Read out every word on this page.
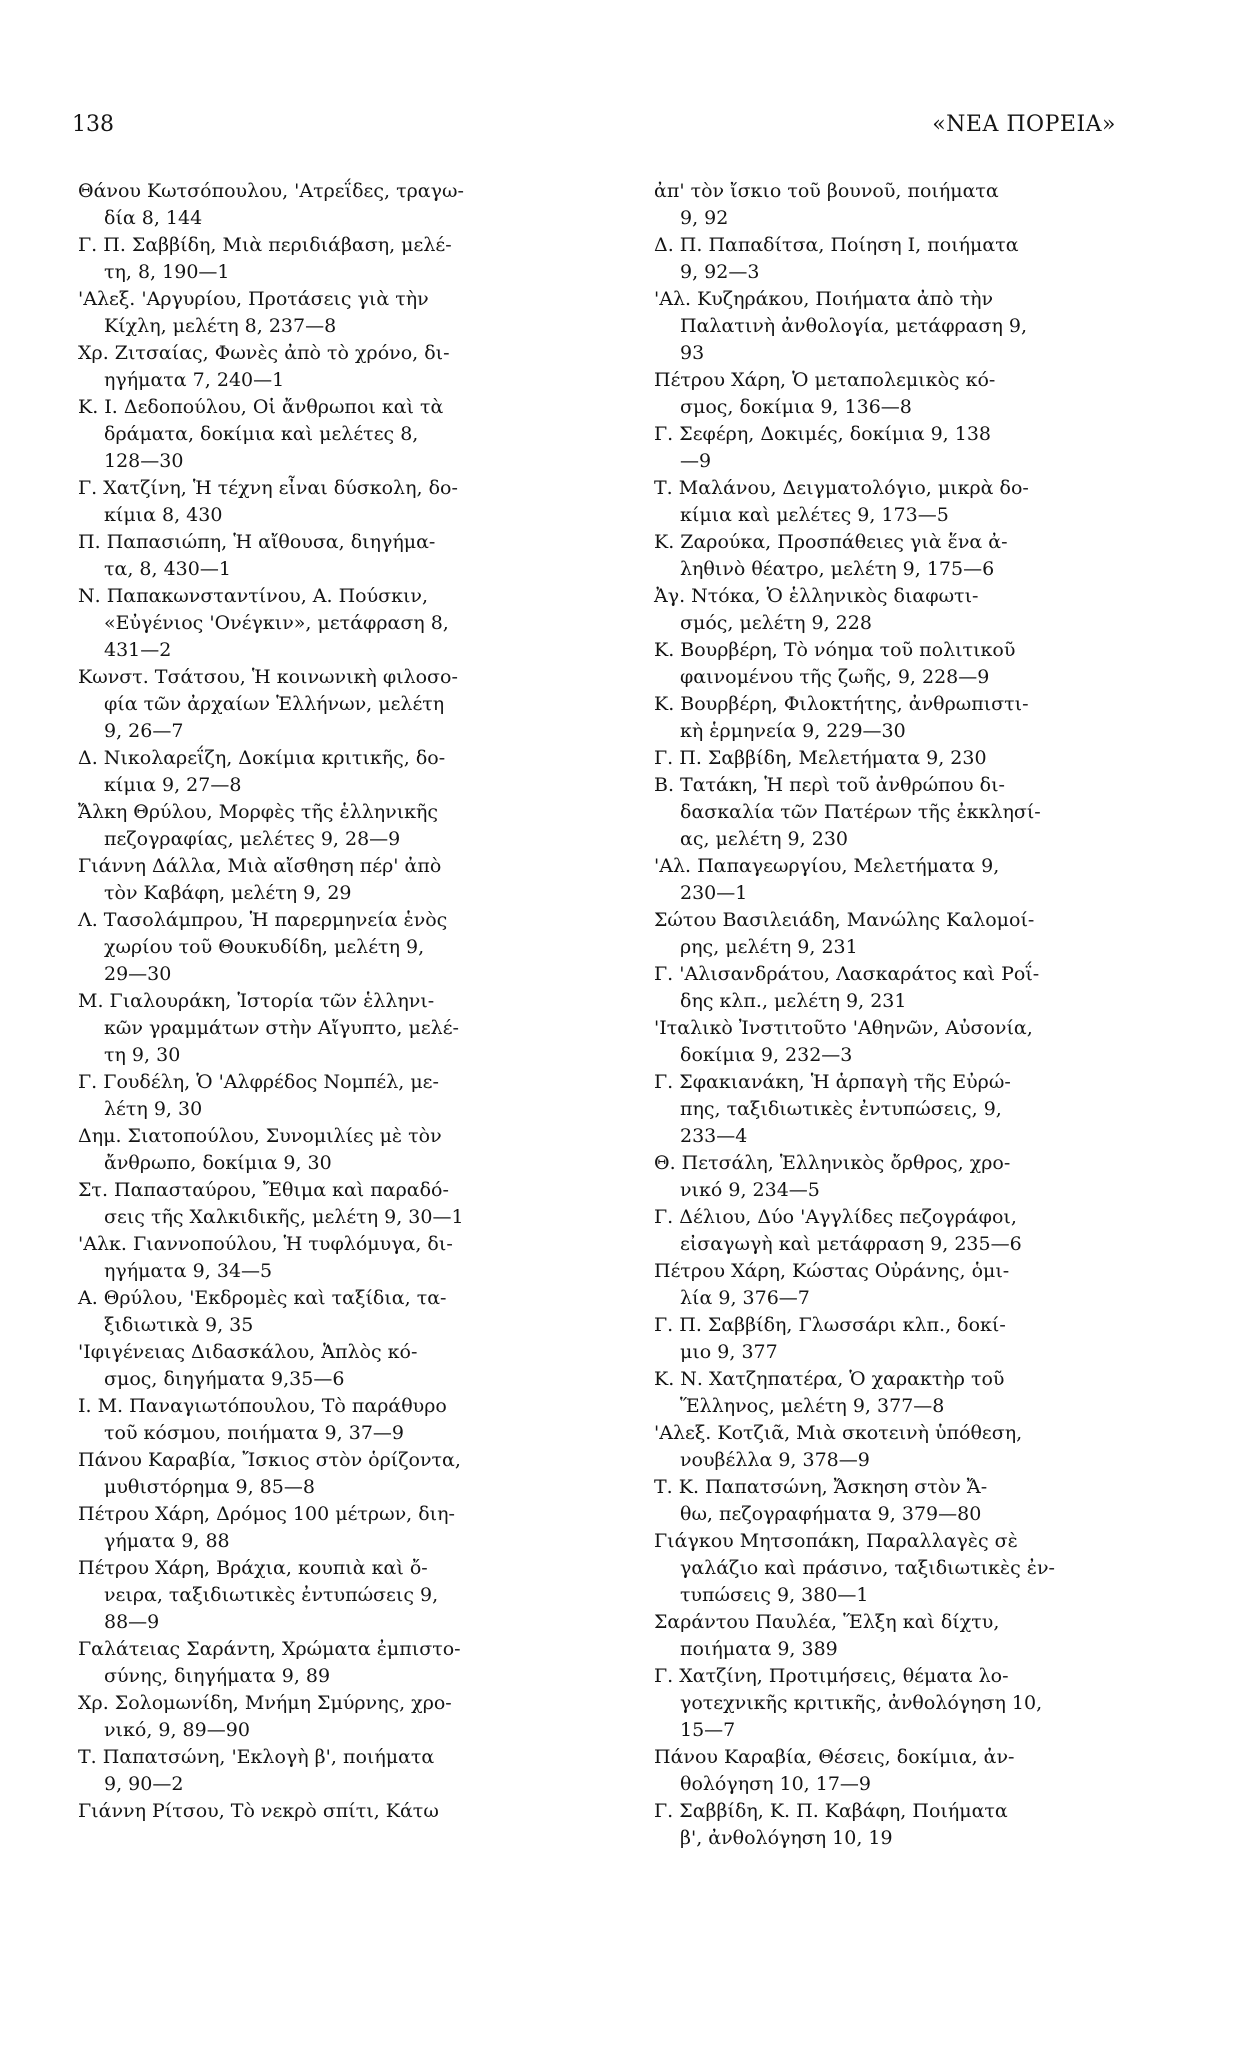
138	«ΝΕΑ ΠΟΡΕΙΑ»

Θάνου Κωτσόπουλου, 'Ατρεΐδες, τραγω-
δία 8, 144

Γ. Π. Σαββίδη, Μιὰ περιδιάβαση, μελέ-
τη, 8, 190—1

'Αλεξ. 'Αργυρίου, Προτάσεις γιὰ τὴν
Κίχλη, μελέτη 8, 237—8

Χρ. Ζιτσαίας, Φωνὲς ἀπὸ τὸ χρόνο, δι-
ηγήματα 7, 240—1

Κ. Ι. Δεδοπούλου, Οἱ ἄνθρωποι καὶ τὰ
δράματα, δοκίμια καὶ μελέτες 8,
128—30

Γ. Χατζίνη, Ἡ τέχνη εἶναι δύσκολη, δο-
κίμια 8, 430

Π. Παπασιώπη, Ἡ αἴθουσα, διηγήμα-
τα, 8, 430—1

Ν. Παπακωνσταντίνου, Α. Πούσκιν,
«Εὐγένιος 'Ονέγκιν», μετάφραση 8,
431—2

Κωνστ. Τσάτσου, Ἡ κοινωνικὴ φιλοσο-
φία τῶν ἀρχαίων Ἑλλήνων, μελέτη
9, 26—7

Δ. Νικολαρεΐζη, Δοκίμια κριτικῆς, δο-
κίμια 9, 27—8

Ἄλκη Θρύλου, Μορφὲς τῆς ἑλληνικῆς
πεζογραφίας, μελέτες 9, 28—9

Γιάννη Δάλλα, Μιὰ αἴσθηση πέρ' ἀπὸ
τὸν Καβάφη, μελέτη 9, 29

Λ. Τασολάμπρου, Ἡ παρερμηνεία ἑνὸς
χωρίου τοῦ Θουκυδίδη, μελέτη 9,
29—30

Μ. Γιαλουράκη, Ἱστορία τῶν ἑλληνι-
κῶν γραμμάτων στὴν Αἴγυπτο, μελέ-
τη 9, 30

Γ. Γουδέλη, Ὁ 'Αλφρέδος Νομπέλ, με-
λέτη 9, 30

Δημ. Σιατοπούλου, Συνομιλίες μὲ τὸν
ἄνθρωπο, δοκίμια 9, 30

Στ. Παπασταύρου, Ἔθιμα καὶ παραδό-
σεις τῆς Χαλκιδικῆς, μελέτη 9, 30—1

'Αλκ. Γιαννοπούλου, Ἡ τυφλόμυγα, δι-
ηγήματα 9, 34—5

Α. Θρύλου, 'Εκδρομὲς καὶ ταξίδια, τα-
ξιδιωτικὰ 9, 35

'Ιφιγένειας Διδασκάλου, Ἁπλὸς κό-
σμος, διηγήματα 9,35—6

Ι. Μ. Παναγιωτόπουλου, Τὸ παράθυρο
τοῦ κόσμου, ποιήματα 9, 37—9

Πάνου Καραβία, Ἴσκιος στὸν ὁρίζοντα,
μυθιστόρημα 9, 85—8

Πέτρου Χάρη, Δρόμος 100 μέτρων, διη-
γήματα 9, 88

Πέτρου Χάρη, Βράχια, κουπιὰ καὶ ὄ-
νειρα, ταξιδιωτικὲς ἐντυπώσεις 9,
88—9

Γαλάτειας Σαράντη, Χρώματα ἐμπιστο-
σύνης, διηγήματα 9, 89

Χρ. Σολομωνίδη, Μνήμη Σμύρνης, χρο-
νικό, 9, 89—90

Τ. Παπατσώνη, 'Εκλογὴ β', ποιήματα
9, 90—2

Γιάννη Ρίτσου, Τὸ νεκρὸ σπίτι, Κάτω

ἀπ' τὸν ἴσκιο τοῦ βουνοῦ, ποιήματα
9, 92

Δ. Π. Παπαδίτσα, Ποίηση Ι, ποιήματα
9, 92—3

'Αλ. Κυζηράκου, Ποιήματα ἀπὸ τὴν
Παλατινὴ ἀνθολογία, μετάφραση 9,
93

Πέτρου Χάρη, Ὁ μεταπολεμικὸς κό-
σμος, δοκίμια 9, 136—8

Γ. Σεφέρη, Δοκιμές, δοκίμια 9, 138
—9

Τ. Μαλάνου, Δειγματολόγιο, μικρὰ δο-
κίμια καὶ μελέτες 9, 173—5

Κ. Ζαρούκα, Προσπάθειες γιὰ ἕνα ἀ-
ληθινὸ θέατρο, μελέτη 9, 175—6

Ἀγ. Ντόκα, Ὁ ἑλληνικὸς διαφωτι-
σμός, μελέτη 9, 228

Κ. Βουρβέρη, Τὸ νόημα τοῦ πολιτικοῦ
φαινομένου τῆς ζωῆς, 9, 228—9

Κ. Βουρβέρη, Φιλοκτήτης, ἀνθρωπιστι-
κὴ ἑρμηνεία 9, 229—30

Γ. Π. Σαββίδη, Μελετήματα 9, 230

Β. Τατάκη, Ἡ περὶ τοῦ ἀνθρώπου δι-
δασκαλία τῶν Πατέρων τῆς ἐκκλησί-
ας, μελέτη 9, 230

'Αλ. Παπαγεωργίου, Μελετήματα 9,
230—1

Σώτου Βασιλειάδη, Μανώλης Καλομοί-
ρης, μελέτη 9, 231

Γ. 'Αλισανδράτου, Λασκαράτος καὶ Ροΐ-
δης κλπ., μελέτη 9, 231

'Ιταλικὸ Ἰνστιτοῦτο 'Αθηνῶν, Αὐσονία,
δοκίμια 9, 232—3

Γ. Σφακιανάκη, Ἡ ἁρπαγὴ τῆς Εὐρώ-
πης, ταξιδιωτικὲς ἐντυπώσεις, 9,
233—4

Θ. Πετσάλη, Ἑλληνικὸς ὄρθρος, χρο-
νικό 9, 234—5

Γ. Δέλιου, Δύο 'Αγγλίδες πεζογράφοι,
εἰσαγωγὴ καὶ μετάφραση 9, 235—6

Πέτρου Χάρη, Κώστας Οὐράνης, ὁμι-
λία 9, 376—7

Γ. Π. Σαββίδη, Γλωσσάρι κλπ., δοκί-
μιο 9, 377

Κ. Ν. Χατζηπατέρα, Ὁ χαρακτὴρ τοῦ
Ἕλληνος, μελέτη 9, 377—8

'Αλεξ. Κοτζιᾶ, Μιὰ σκοτεινὴ ὑπόθεση,
νουβέλλα 9, 378—9

Τ. Κ. Παπατσώνη, Ἄσκηση στὸν Ἄ-
θω, πεζογραφήματα 9, 379—80

Γιάγκου Μητσοπάκη, Παραλλαγὲς σὲ
γαλάζιο καὶ πράσινο, ταξιδιωτικὲς ἐν-
τυπώσεις 9, 380—1

Σαράντου Παυλέα, Ἕλξη καὶ δίχτυ,
ποιήματα 9, 389

Γ. Χατζίνη, Προτιμήσεις, θέματα λο-
γοτεχνικῆς κριτικῆς, ἀνθολόγηση 10,
15—7

Πάνου Καραβία, Θέσεις, δοκίμια, ἀν-
θολόγηση 10, 17—9

Γ. Σαββίδη, Κ. Π. Καβάφη, Ποιήματα
β', ἀνθολόγηση 10, 19
